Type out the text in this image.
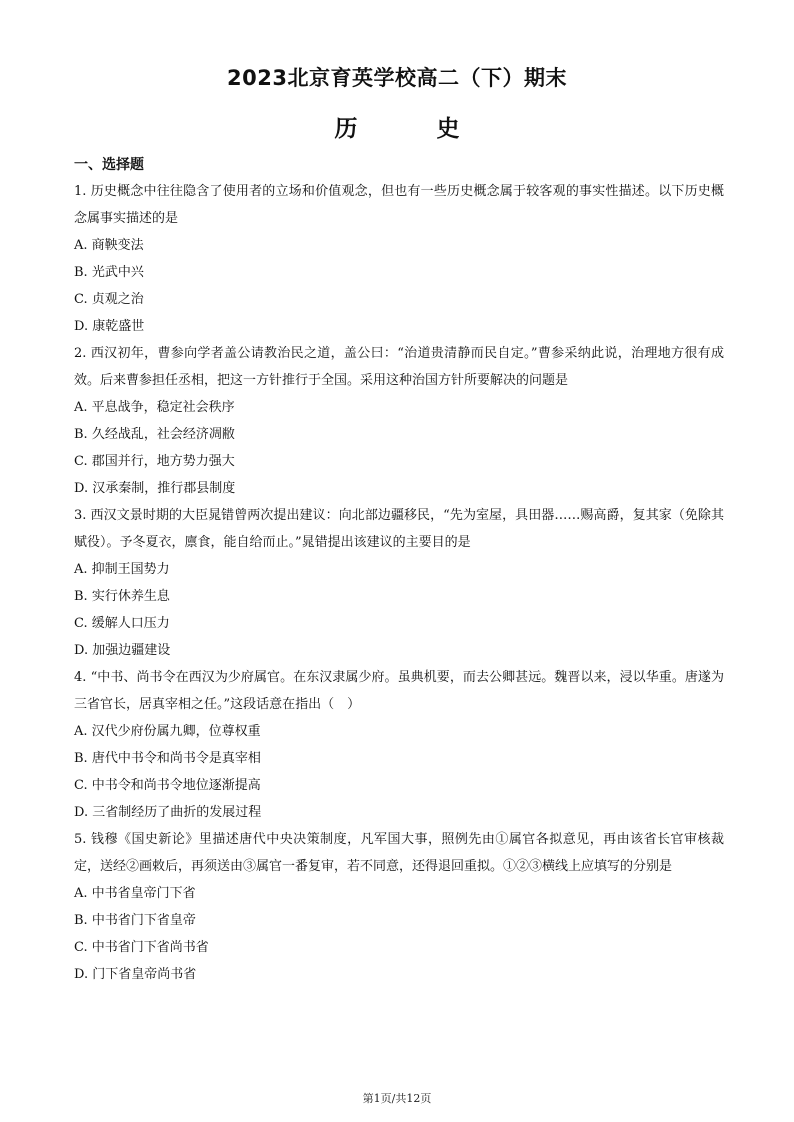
2023北京育英学校高二（下）期末
历　史

一、选择题

1. 历史概念中往往隐含了使用者的立场和价值观念，但也有一些历史概念属于较客观的事实性描述。以下历史概念属事实描述的是

A. 商鞅变法

B. 光武中兴

C. 贞观之治

D. 康乾盛世

2. 西汉初年，曹参向学者盖公请教治民之道，盖公曰：“治道贵清静而民自定。”曹参采纳此说，治理地方很有成效。后来曹参担任丞相，把这一方针推行于全国。采用这种治国方针所要解决的问题是

A. 平息战争，稳定社会秩序

B. 久经战乱，社会经济凋敝

C. 郡国并行，地方势力强大

D. 汉承秦制，推行郡县制度

3. 西汉文景时期的大臣晁错曾两次提出建议：向北部边疆移民，“先为室屋，具田器……赐高爵，复其家（免除其赋役）。予冬夏衣，廪食，能自给而止。”晁错提出该建议的主要目的是

A. 抑制王国势力

B. 实行休养生息

C. 缓解人口压力

D. 加强边疆建设

4. “中书、尚书令在西汉为少府属官。在东汉隶属少府。虽典机要，而去公卿甚远。魏晋以来，浸以华重。唐遂为三省官长，居真宰相之任。”这段话意在指出（　）

A. 汉代少府份属九卿，位尊权重

B. 唐代中书令和尚书令是真宰相

C. 中书令和尚书令地位逐渐提高

D. 三省制经历了曲折的发展过程

5. 钱穆《国史新论》里描述唐代中央决策制度，凡军国大事，照例先由①属官各拟意见，再由该省长官审核裁定，送经②画敕后，再须送由③属官一番复审，若不同意，还得退回重拟。①②③横线上应填写的分别是

A. 中书省皇帝门下省

B. 中书省门下省皇帝

C. 中书省门下省尚书省

D. 门下省皇帝尚书省

第1页/共12页
